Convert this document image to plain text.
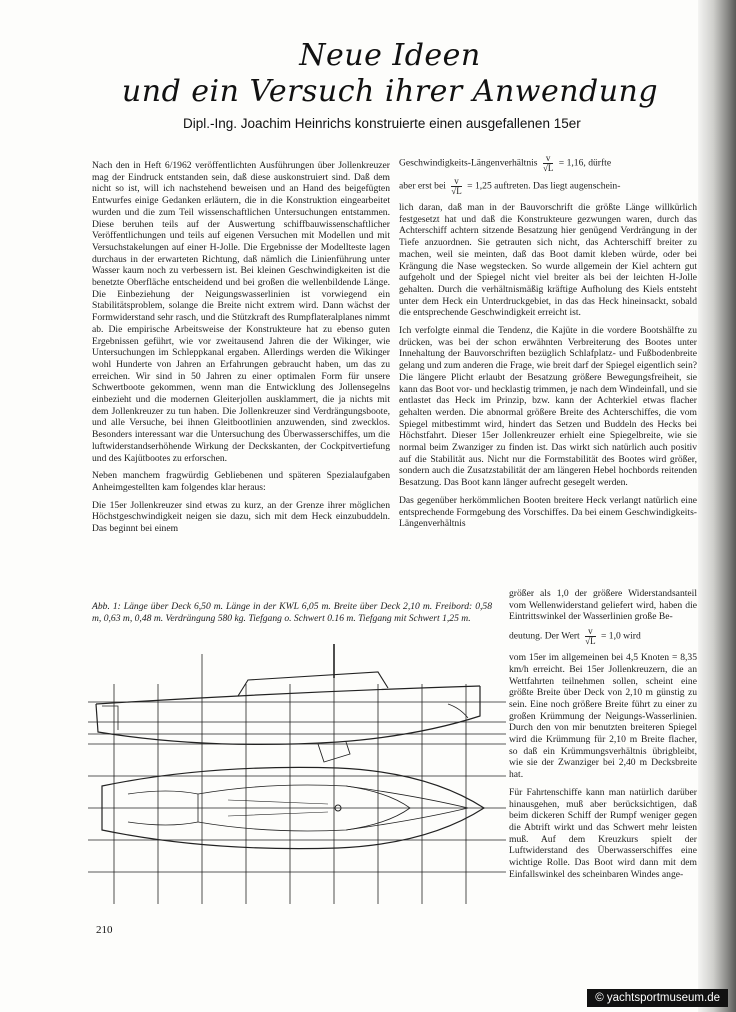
Neue Ideen
und ein Versuch ihrer Anwendung
Dipl.-Ing. Joachim Heinrichs konstruierte einen ausgefallenen 15er

Nach den in Heft 6/1962 veröffentlichten Ausführungen über Jollenkreuzer mag der Eindruck entstanden sein, daß diese auskonstruiert sind. Daß dem nicht so ist, will ich nachstehend beweisen und an Hand des beigefügten Entwurfes einige Gedanken erläutern, die in die Konstruktion eingearbeitet wurden und die zum Teil wissenschaftlichen Untersuchungen entstammen. Diese beruhen teils auf der Auswertung schiffbauwissenschaftlicher Veröffentlichungen und teils auf eigenen Versuchen mit Modellen und mit Versuchstakelungen auf einer H-Jolle. Die Ergebnisse der Modellteste lagen durchaus in der erwarteten Richtung, daß nämlich die Linienführung unter Wasser kaum noch zu verbessern ist. Bei kleinen Geschwindigkeiten ist die benetzte Oberfläche entscheidend und bei großen die wellenbildende Länge. Die Einbeziehung der Neigungswasserlinien ist vorwiegend ein Stabilitätsproblem, solange die Breite nicht extrem wird. Dann wächst der Formwiderstand sehr rasch, und die Stützkraft des Rumpflateralplanes nimmt ab. Die empirische Arbeitsweise der Konstrukteure hat zu ebenso guten Ergebnissen geführt, wie vor zweitausend Jahren die der Wikinger, wie Untersuchungen im Schleppkanal ergaben. Allerdings werden die Wikinger wohl Hunderte von Jahren an Erfahrungen gebraucht haben, um das zu erreichen. Wir sind in 50 Jahren zu einer optimalen Form für unsere Schwertboote gekommen, wenn man die Entwicklung des Jollensegelns einbezieht und die modernen Gleiterjollen ausklammert, die ja nichts mit dem Jollenkreuzer zu tun haben. Die Jollenkreuzer sind Verdrängungsboote, und alle Versuche, bei ihnen Gleitbootlinien anzuwenden, sind zwecklos. Besonders interessant war die Untersuchung des Überwasserschiffes, um die luftwiderstandserhöhende Wirkung der Deckskanten, der Cockpitvertiefung und des Kajütbootes zu erforschen.

Neben manchem fragwürdig Gebliebenen und späteren Spezialaufgaben Anheimgestellten kam folgendes klar heraus:

Die 15er Jollenkreuzer sind etwas zu kurz, an der Grenze ihrer möglichen Höchstgeschwindigkeit neigen sie dazu, sich mit dem Heck einzubuddeln. Das beginnt bei einem

Geschwindigkeits-Längenverhältnis $\frac{v}{√L} = 1,16$, dürfte
aber erst bei $\frac{v}{√L} = 1,25$ auftreten. Das liegt augenschein-

lich daran, daß man in der Bauvorschrift die größte Länge willkürlich festgesetzt hat und daß die Konstrukteure gezwungen waren, durch das Achterschiff achtern sitzende Besatzung hier genügend Verdrängung in der Tiefe anzuordnen. Sie getrauten sich nicht, das Achterschiff breiter zu machen, weil sie meinten, daß das Boot damit kleben würde, oder bei Krängung die Nase wegstecken. So wurde allgemein der Kiel achtern gut aufgeholt und der Spiegel nicht viel breiter als bei der leichten H-Jolle gehalten. Durch die verhältnismäßig kräftige Aufholung des Kiels entsteht unter dem Heck ein Unterdruckgebiet, in das das Heck hineinsackt, sobald die entsprechende Geschwindigkeit erreicht ist.

Ich verfolgte einmal die Tendenz, die Kajüte in die vordere Bootshälfte zu drücken, was bei der schon erwähnten Verbreiterung des Bootes unter Innehaltung der Bauvorschriften bezüglich Schlafplatz- und Fußbodenbreite gelang und zum anderen die Frage, wie breit darf der Spiegel eigentlich sein? Die längere Plicht erlaubt der Besatzung größere Bewegungsfreiheit, sie kann das Boot vor- und hecklastig trimmen, je nach dem Windeinfall, und sie entlastet das Heck im Prinzip, bzw. kann der Achterkiel etwas flacher gehalten werden. Die abnormal größere Breite des Achterschiffes, die vom Spiegel mitbestimmt wird, hindert das Setzen und Buddeln des Hecks bei Höchstfahrt. Dieser 15er Jollenkreuzer erhielt eine Spiegelbreite, wie sie normal beim Zwanziger zu finden ist. Das wirkt sich natürlich auch positiv auf die Stabilität aus. Nicht nur die Formstabilität des Bootes wird größer, sondern auch die Zusatzstabilität der am längeren Hebel hochbords reitenden Besatzung. Das Boot kann länger aufrecht gesegelt werden.

Das gegenüber herkömmlichen Booten breitere Heck verlangt natürlich eine entsprechende Formgebung des Vorschiffes. Da bei einem Geschwindigkeits-Längenverhältnis

größer als 1,0 der größere Widerstandsanteil vom Wellenwiderstand geliefert wird, haben die Eintrittswinkel der Wasserlinien große Be-

deutung. Der Wert $\frac{v}{√L} = 1,0$ wird

vom 15er im allgemeinen bei 4,5 Knoten = 8,35 km/h erreicht. Bei 15er Jollenkreuzern, die an Wettfahrten teilnehmen sollen, scheint eine größte Breite über Deck von 2,10 m günstig zu sein. Eine noch größere Breite führt zu einer zu großen Krümmung der Neigungs-Wasserlinien. Durch den von mir benutzten breiteren Spiegel wird die Krümmung für 2,10 m Breite flacher, so daß ein Krümmungsverhältnis übrigbleibt, wie sie der Zwanziger bei 2,40 m Decksbreite hat.

Für Fahrtenschiffe kann man natürlich darüber hinausgehen, muß aber berücksichtigen, daß beim dickeren Schiff der Rumpf weniger gegen die Abtrift wirkt und das Schwert mehr leisten muß. Auf dem Kreuzkurs spielt der Luftwiderstand des Überwasserschiffes eine wichtige Rolle. Das Boot wird dann mit dem Einfallswinkel des scheinbaren Windes ange-

Abb. 1: Länge über Deck 6,50 m. Länge in der KWL 6,05 m. Breite über Deck 2,10 m. Freibord: 0,58 m, 0,63 m, 0,48 m. Verdrängung 580 kg. Tiefgang o. Schwert 0.16 m. Tiefgang mit Schwert 1,25 m.
210
© yachtsportmuseum.de
